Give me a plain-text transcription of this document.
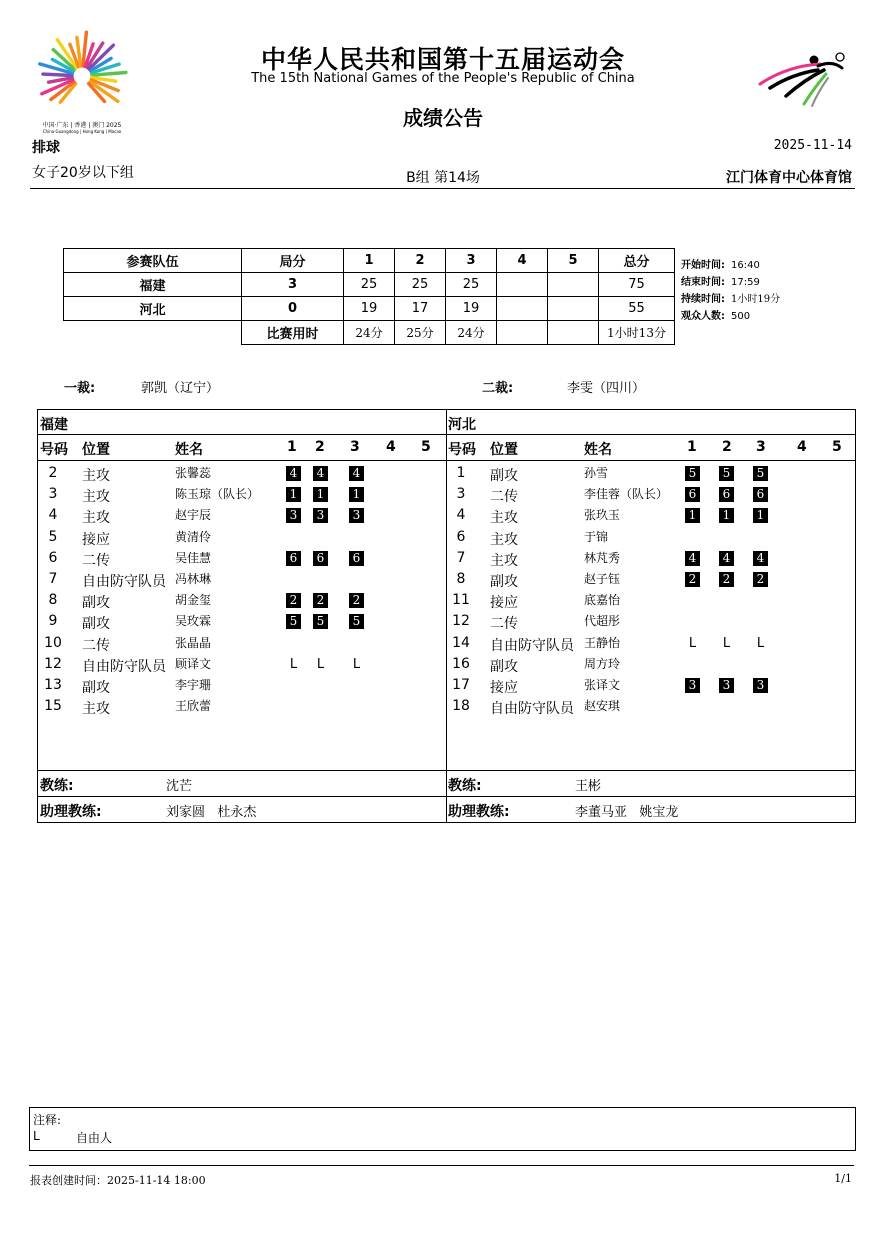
中国·广东 | 香港 | 澳门 2025
China·Guangdong | Hong Kong | Macao
中华人民共和国第十五届运动会
The 15th National Games of the People's Republic of China
成绩公告
排球	2025-11-14
女子20岁以下组	B组 第14场	江门体育中心体育馆
参赛队伍	局分	1	2	3	4	5	总分
福建	3	25	25	25			75
河北	0	19	17	19			55
	比赛用时	24分	25分	24分			1小时13分
开始时间: 16:40
结束时间: 17:59
持续时间: 1小时19分
观众人数: 500
一裁:	郭凯（辽宁）	二裁:	李雯（四川）
福建
号码 位置	姓名	1 2 3 4 5
河北
号码 位置	姓名	1 2 3 4 5
2	主攻	张馨蕊	4	4	4
3	主攻	陈玉琼（队长）	1	1	1
4	主攻	赵宇辰	3	3	3
5	接应	黄清伶
6	二传	吴佳慧	6	6	6
7	自由防守队员 冯林琳
8	副攻	胡金玺	2	2	2
9	副攻	吴玫霖	5	5	5
10	二传	张晶晶
12	自由防守队员 顾译文	L L L
13	副攻	李宇珊
15	主攻	王欣蕾
1	副攻	孙雪	5	5	5
3	二传	李佳蓉（队长）	6	6	6
4	主攻	张玖玉	1	1	1
6	主攻	于锦
7	主攻	林芃秀	4	4	4
8	副攻	赵子钰	2	2	2
11	接应	底嘉怡
12	二传	代超彤
14	自由防守队员 王静怡	L L L
16	副攻	周方玲
17	接应	张译文	3	3	3
18	自由防守队员 赵安琪
教练:	沈芒
助理教练:	刘家圆   杜永杰
教练:	王彬
助理教练:	李董马亚   姚宝龙
注释:
L	自由人
报表创建时间：2025-11-14 18:00	1/1
